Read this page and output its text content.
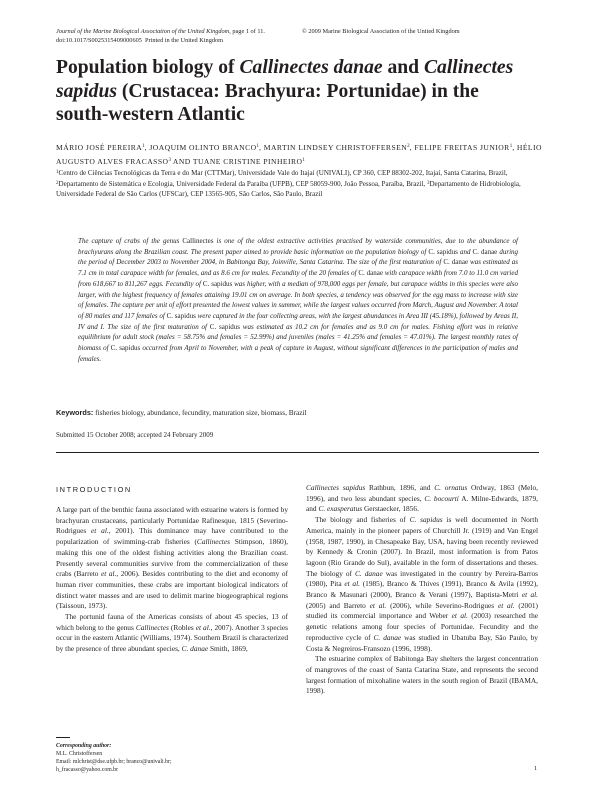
Journal of the Marine Biological Association of the United Kingdom, page 1 of 11.
doi:10.1017/S0025315409000605 Printed in the United Kingdom
© 2009 Marine Biological Association of the United Kingdom
Population biology of Callinectes danae and Callinectes sapidus (Crustacea: Brachyura: Portunidae) in the south-western Atlantic
MÁRIO JOSÉ PEREIRA$^1$, JOAQUIM OLINTO BRANCO$^1$, MARTIN LINDSEY CHRISTOFFERSEN$^2$, FELIPE FREITAS JUNIOR$^1$, HÉLIO AUGUSTO ALVES FRACASSO$^3$ AND TUANE CRISTINE PINHEIRO$^1$
$^1$Centro de Ciências Tecnológicas da Terra e do Mar (CTTMar), Universidade Vale do Itajaí (UNIVALI), CP 360, CEP 88302-202, Itajaí, Santa Catarina, Brazil, $^2$Departamento de Sistemática e Ecologia, Universidade Federal da Paraíba (UFPB), CEP 58059-900, João Pessoa, Paraíba, Brazil, $^3$Departamento de Hidrobiologia, Universidade Federal de São Carlos (UFSCar), CEP 13565-905, São Carlos, São Paulo, Brazil

The capture of crabs of the genus Callinectes is one of the oldest extractive activities practised by waterside communities, due to the abundance of brachyurans along the Brazilian coast. The present paper aimed to provide basic information on the population biology of C. sapidus and C. danae during the period of December 2003 to November 2004, in Babitonga Bay, Joinville, Santa Catarina. The size of the first maturation of C. danae was estimated as 7.1 cm in total carapace width for females, and as 8.6 cm for males. Fecundity of the 20 females of C. danae with carapace width from 7.0 to 11.0 cm varied from 618,667 to 811,267 eggs. Fecundity of C. sapidus was higher, with a median of 978,000 eggs per female, but carapace widths in this species were also larger, with the highest frequency of females attaining 19.01 cm on average. In both species, a tendency was observed for the egg mass to increase with size of females. The capture per unit of effort presented the lowest values in summer, while the largest values occurred from March, August and November. A total of 80 males and 117 females of C. sapidus were captured in the four collecting areas, with the largest abundances in Area III (45.18%), followed by Areas II, IV and I. The size of the first maturation of C. sapidus was estimated as 10.2 cm for females and as 9.0 cm for males. Fishing effort was in relative equilibrium for adult stock (males = 58.75% and females = 52.99%) and juveniles (males = 41.25% and females = 47.01%). The largest monthly rates of biomass of C. sapidus occurred from April to November, with a peak of capture in August, without significant differences in the participation of males and females.

Keywords: fisheries biology, abundance, fecundity, maturation size, biomass, Brazil
Submitted 15 October 2008; accepted 24 February 2009
INTRODUCTION

A large part of the benthic fauna associated with estuarine waters is formed by brachyuran crustaceans, particularly Portunidae Rafinesque, 1815 (Severino-Rodrigues et al., 2001). This dominance may have contributed to the popularization of swimming-crab fisheries (Callinectes Stimpson, 1860), making this one of the oldest fishing activities along the Brazilian coast. Presently several communities survive from the commercialization of these crabs (Barreto et al., 2006). Besides contributing to the diet and economy of human river communities, these crabs are important biological indicators of distinct water masses and are used to delimit marine biogeographical regions (Taissoun, 1973).

The portunid fauna of the Americas consists of about 45 species, 13 of which belong to the genus Callinectes (Robles et al., 2007). Another 3 species occur in the eastern Atlantic (Williams, 1974). Southern Brazil is characterized by the presence of three abundant species, C. danae Smith, 1869,

Callinectes sapidus Rathbun, 1896, and C. ornatus Ordway, 1863 (Melo, 1996), and two less abundant species, C. bocourti A. Milne-Edwards, 1879, and C. exasperatus Gerstaecker, 1856.

The biology and fisheries of C. sapidus is well documented in North America, mainly in the pioneer papers of Churchill Jr. (1919) and Van Engel (1958, 1987, 1990), in Chesapeake Bay, USA, having been recently reviewed by Kennedy & Cronin (2007). In Brazil, most information is from Patos lagoon (Rio Grande do Sul), available in the form of dissertations and theses. The biology of C. danae was investigated in the country by Pereira-Barros (1980), Pita et al. (1985), Branco & Thives (1991), Branco & Avila (1992), Branco & Masunari (2000), Branco & Verani (1997), Baptista-Metri et al. (2005) and Barreto et al. (2006), while Severino-Rodrigues et al. (2001) studied its commercial importance and Weber et al. (2003) researched the genetic relations among four species of Portunidae. Fecundity and the reproductive cycle of C. danae was studied in Ubatuba Bay, São Paulo, by Costa & Negreiros-Fransozo (1996, 1998).

The estuarine complex of Babitonga Bay shelters the largest concentration of mangroves of the coast of Santa Catarina State, and represents the second largest formation of mixohaline waters in the south region of Brazil (IBAMA, 1998).

Corresponding author:
M.L. Christoffersen
Email: mlchrist@dse.ufpb.br; branco@univali.br;
h_fracasso@yahoo.com.br	1
